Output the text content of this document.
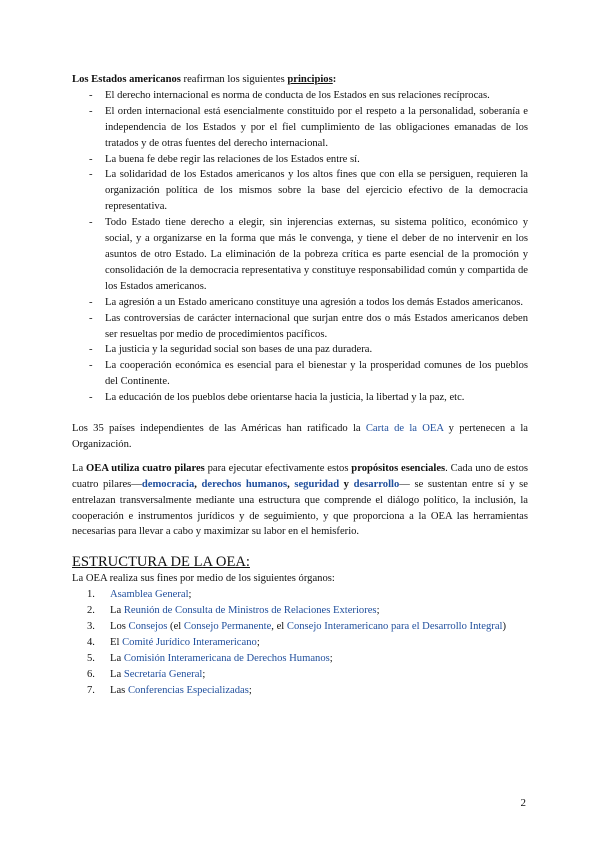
Los Estados americanos reafirman los siguientes principios:

- El derecho internacional es norma de conducta de los Estados en sus relaciones recíprocas.
- El orden internacional está esencialmente constituido por el respeto a la personalidad, soberanía e independencia de los Estados y por el fiel cumplimiento de las obligaciones emanadas de los tratados y de otras fuentes del derecho internacional.
- La buena fe debe regir las relaciones de los Estados entre sí.
- La solidaridad de los Estados americanos y los altos fines que con ella se persiguen, requieren la organización política de los mismos sobre la base del ejercicio efectivo de la democracia representativa.
- Todo Estado tiene derecho a elegir, sin injerencias externas, su sistema político, económico y social, y a organizarse en la forma que más le convenga, y tiene el deber de no intervenir en los asuntos de otro Estado. La eliminación de la pobreza crítica es parte esencial de la promoción y consolidación de la democracia representativa y constituye responsabilidad común y compartida de los Estados americanos.
- La agresión a un Estado americano constituye una agresión a todos los demás Estados americanos.
- Las controversias de carácter internacional que surjan entre dos o más Estados americanos deben ser resueltas por medio de procedimientos pacíficos.
- La justicia y la seguridad social son bases de una paz duradera.
- La cooperación económica es esencial para el bienestar y la prosperidad comunes de los pueblos del Continente.
- La educación de los pueblos debe orientarse hacia la justicia, la libertad y la paz, etc.

Los 35 países independientes de las Américas han ratificado la Carta de la OEA y pertenecen a la Organización.

La OEA utiliza cuatro pilares para ejecutar efectivamente estos propósitos esenciales. Cada uno de estos cuatro pilares—democracia, derechos humanos, seguridad y desarrollo— se sustentan entre sí y se entrelazan transversalmente mediante una estructura que comprende el diálogo político, la inclusión, la cooperación e instrumentos jurídicos y de seguimiento, y que proporciona a la OEA las herramientas necesarias para llevar a cabo y maximizar su labor en el hemisferio.

ESTRUCTURA DE LA OEA:

La OEA realiza sus fines por medio de los siguientes órganos:

1. Asamblea General;
2. La Reunión de Consulta de Ministros de Relaciones Exteriores;
3. Los Consejos (el Consejo Permanente, el Consejo Interamericano para el Desarrollo Integral)
4. El Comité Jurídico Interamericano;
5. La Comisión Interamericana de Derechos Humanos;
6. La Secretaría General;
7. Las Conferencias Especializadas;
2
